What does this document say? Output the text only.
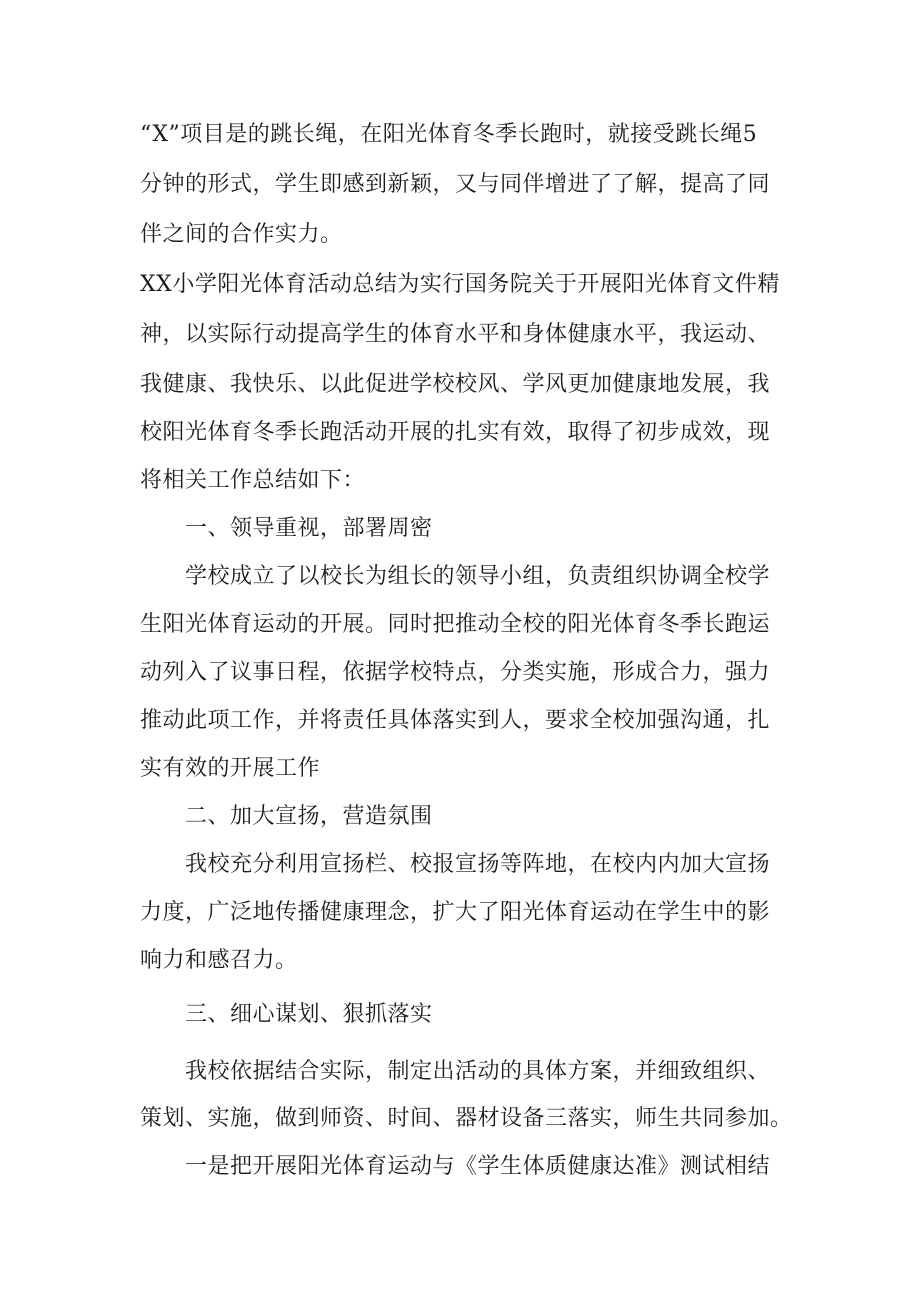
“X”项目是的跳长绳，在阳光体育冬季长跑时，就接受跳长绳5
分钟的形式，学生即感到新颖，又与同伴增进了了解，提高了同
伴之间的合作实力。
XX小学阳光体育活动总结为实行国务院关于开展阳光体育文件精
神，以实际行动提高学生的体育水平和身体健康水平，我运动、
我健康、我快乐、以此促进学校校风、学风更加健康地发展，我
校阳光体育冬季长跑活动开展的扎实有效，取得了初步成效，现
将相关工作总结如下：
一、领导重视，部署周密
学校成立了以校长为组长的领导小组，负责组织协调全校学
生阳光体育运动的开展。同时把推动全校的阳光体育冬季长跑运
动列入了议事日程，依据学校特点，分类实施，形成合力，强力
推动此项工作，并将责任具体落实到人，要求全校加强沟通，扎
实有效的开展工作
二、加大宣扬，营造氛围
我校充分利用宣扬栏、校报宣扬等阵地，在校内内加大宣扬
力度，广泛地传播健康理念，扩大了阳光体育运动在学生中的影
响力和感召力。
三、细心谋划、狠抓落实
我校依据结合实际，制定出活动的具体方案，并细致组织、
策划、实施，做到师资、时间、器材设备三落实，师生共同参加。
一是把开展阳光体育运动与《学生体质健康达准》测试相结
